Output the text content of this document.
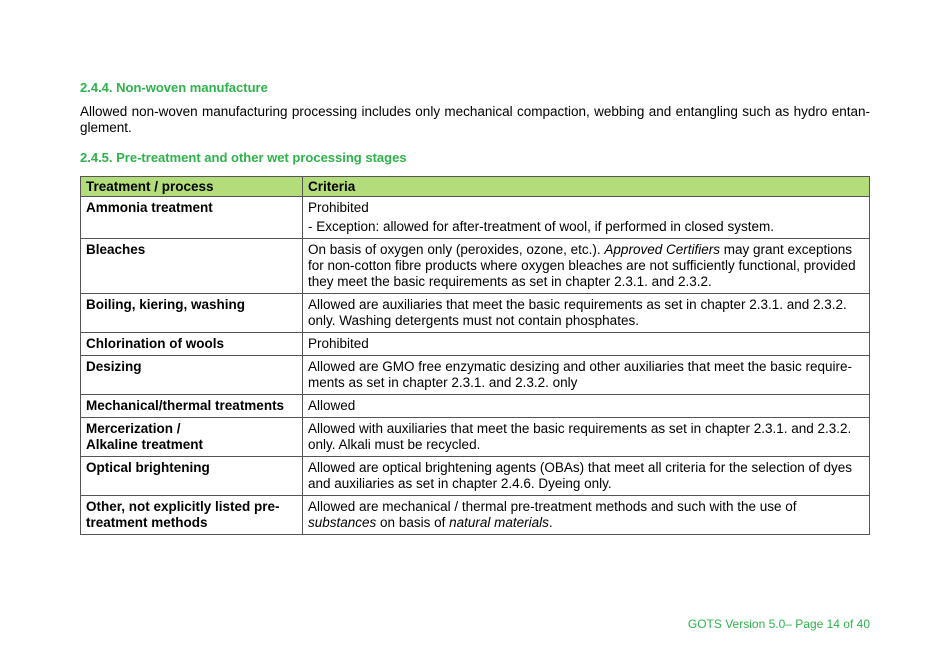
2.4.4. Non-woven manufacture
Allowed non-woven manufacturing processing includes only mechanical compaction, webbing and entangling such as hydro entan-glement.
2.4.5. Pre-treatment and other wet processing stages
Treatment / process	Criteria
Ammonia treatment	Prohibited
- Exception: allowed for after-treatment of wool, if performed in closed system.

Bleaches	On basis of oxygen only (peroxides, ozone, etc.). Approved Certifiers may grant exceptions for non-cotton fibre products where oxygen bleaches are not sufficiently functional, provided they meet the basic requirements as set in chapter 2.3.1. and 2.3.2.
Boiling, kiering, washing	Allowed are auxiliaries that meet the basic requirements as set in chapter 2.3.1. and 2.3.2. only. Washing detergents must not contain phosphates.
Chlorination of wools	Prohibited
Desizing	Allowed are GMO free enzymatic desizing and other auxiliaries that meet the basic require-ments as set in chapter 2.3.1. and 2.3.2. only
Mechanical/thermal treatments	Allowed

Mercerization /
Alkaline treatment	Allowed with auxiliaries that meet the basic requirements as set in chapter 2.3.1. and 2.3.2. only. Alkali must be recycled.
Optical brightening	Allowed are optical brightening agents (OBAs) that meet all criteria for the selection of dyes and auxiliaries as set in chapter 2.4.6. Dyeing only.
Other, not explicitly listed pre-treatment methods	Allowed are mechanical / thermal pre-treatment methods and such with the use of substances on basis of natural materials.
GOTS Version 5.0– Page 14 of 40
